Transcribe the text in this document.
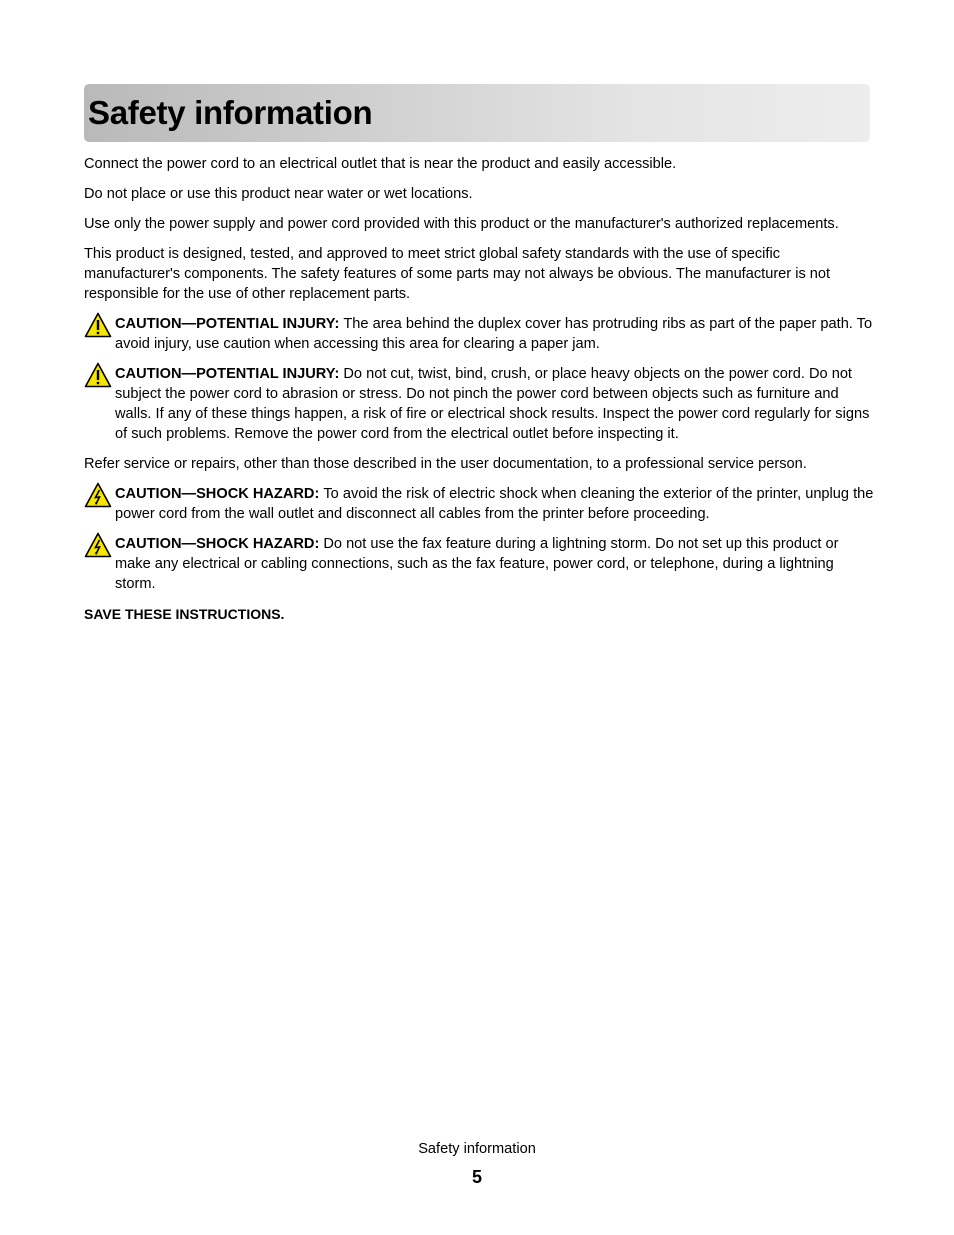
Safety information

Connect the power cord to an electrical outlet that is near the product and easily accessible.

Do not place or use this product near water or wet locations.

Use only the power supply and power cord provided with this product or the manufacturer's authorized replacements.

This product is designed, tested, and approved to meet strict global safety standards with the use of specific manufacturer's components. The safety features of some parts may not always be obvious. The manufacturer is not responsible for the use of other replacement parts.

CAUTION—POTENTIAL INJURY: The area behind the duplex cover has protruding ribs as part of the paper path. To avoid injury, use caution when accessing this area for clearing a paper jam.
CAUTION—POTENTIAL INJURY: Do not cut, twist, bind, crush, or place heavy objects on the power cord. Do not subject the power cord to abrasion or stress. Do not pinch the power cord between objects such as furniture and walls. If any of these things happen, a risk of fire or electrical shock results. Inspect the power cord regularly for signs of such problems. Remove the power cord from the electrical outlet before inspecting it.

Refer service or repairs, other than those described in the user documentation, to a professional service person.

CAUTION—SHOCK HAZARD: To avoid the risk of electric shock when cleaning the exterior of the printer, unplug the power cord from the wall outlet and disconnect all cables from the printer before proceeding.
CAUTION—SHOCK HAZARD: Do not use the fax feature during a lightning storm. Do not set up this product or make any electrical or cabling connections, such as the fax feature, power cord, or telephone, during a lightning storm.

SAVE THESE INSTRUCTIONS.

Safety information
5
